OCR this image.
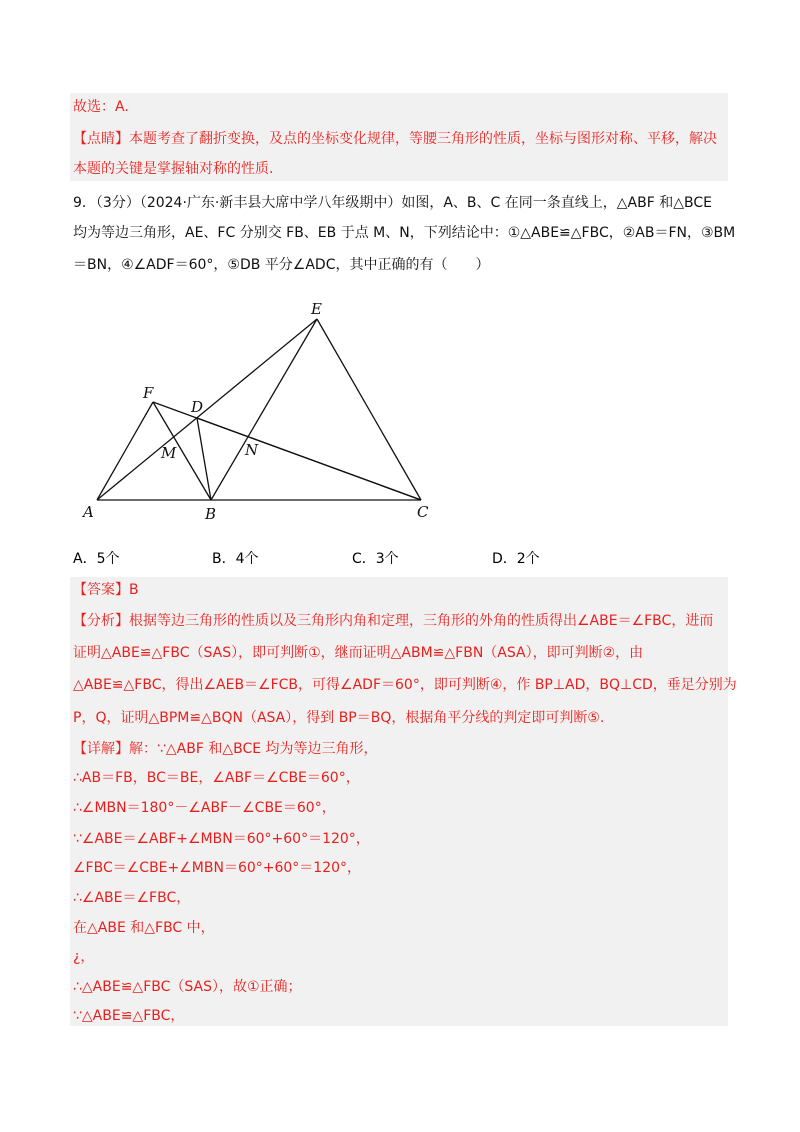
故选：A.
【点睛】本题考查了翻折变换，及点的坐标变化规律，等腰三角形的性质，坐标与图形对称、平移，解决
本题的关键是掌握轴对称的性质.
9．（3分）（2024·广东·新丰县大席中学八年级期中）如图，A、B、C 在同一条直线上，△ABF 和△BCE
均为等边三角形，AE、FC 分别交 FB、EB 于点 M、N，下列结论中：①△ABE≌△FBC，②AB＝FN，③BM
＝BN，④∠ADF＝60°，⑤DB 平分∠ADC，其中正确的有（　　）
E
F
D
M	N
A	B	C
A．5个	B．4个	C．3个	D．2个
【答案】B
【分析】根据等边三角形的性质以及三角形内角和定理，三角形的外角的性质得出∠ABE＝∠FBC，进而
证明△ABE≌△FBC（SAS），即可判断①，继而证明△ABM≌△FBN（ASA），即可判断②，由
△ABE≌△FBC，得出∠AEB＝∠FCB，可得∠ADF＝60°，即可判断④，作 BP⊥AD，BQ⊥CD，垂足分别为
P，Q，证明△BPM≌△BQN（ASA），得到 BP＝BQ，根据角平分线的判定即可判断⑤.
【详解】解：∵△ABF 和△BCE 均为等边三角形，
∴AB＝FB，BC＝BE，∠ABF＝∠CBE＝60°，
∴∠MBN＝180°－∠ABF－∠CBE＝60°，
∵∠ABE＝∠ABF+∠MBN＝60°+60°＝120°，
∠FBC＝∠CBE+∠MBN＝60°+60°＝120°，
∴∠ABE＝∠FBC，
在△ABE 和△FBC 中，
¿，
∴△ABE≌△FBC（SAS），故①正确；
∵△ABE≌△FBC，
